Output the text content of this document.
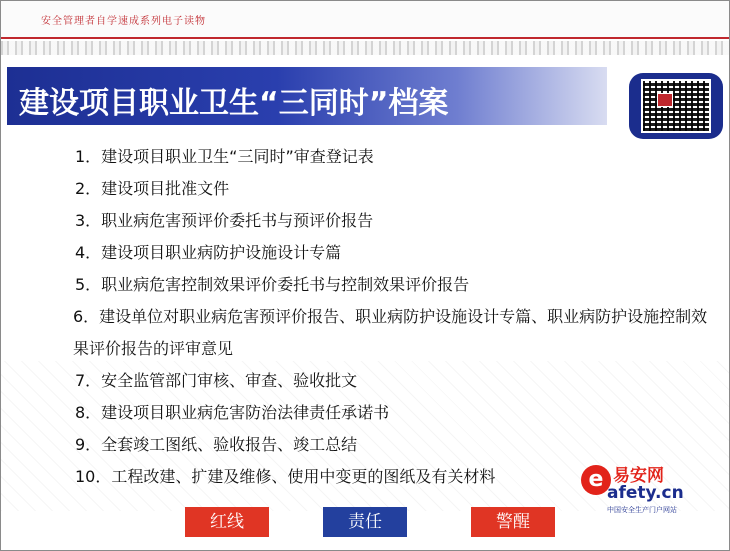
安全管理者自学速成系列电子读物
建设项目职业卫生“三同时”档案
1．建设项目职业卫生“三同时”审查登记表
2．建设项目批准文件
3．职业病危害预评价委托书与预评价报告
4．建设项目职业病防护设施设计专篇
5．职业病危害控制效果评价委托书与控制效果评价报告
6．建设单位对职业病危害预评价报告、职业病防护设施设计专篇、职业病防护设施控制效果评价报告的评审意见
7．安全监管部门审核、审查、验收批文
8．建设项目职业病危害防治法律责任承诺书
9．全套竣工图纸、验收报告、竣工总结
10．工程改建、扩建及维修、使用中变更的图纸及有关材料	e 易安网
afety.cn
中国安全生产门户网站
红线	责任	警醒
